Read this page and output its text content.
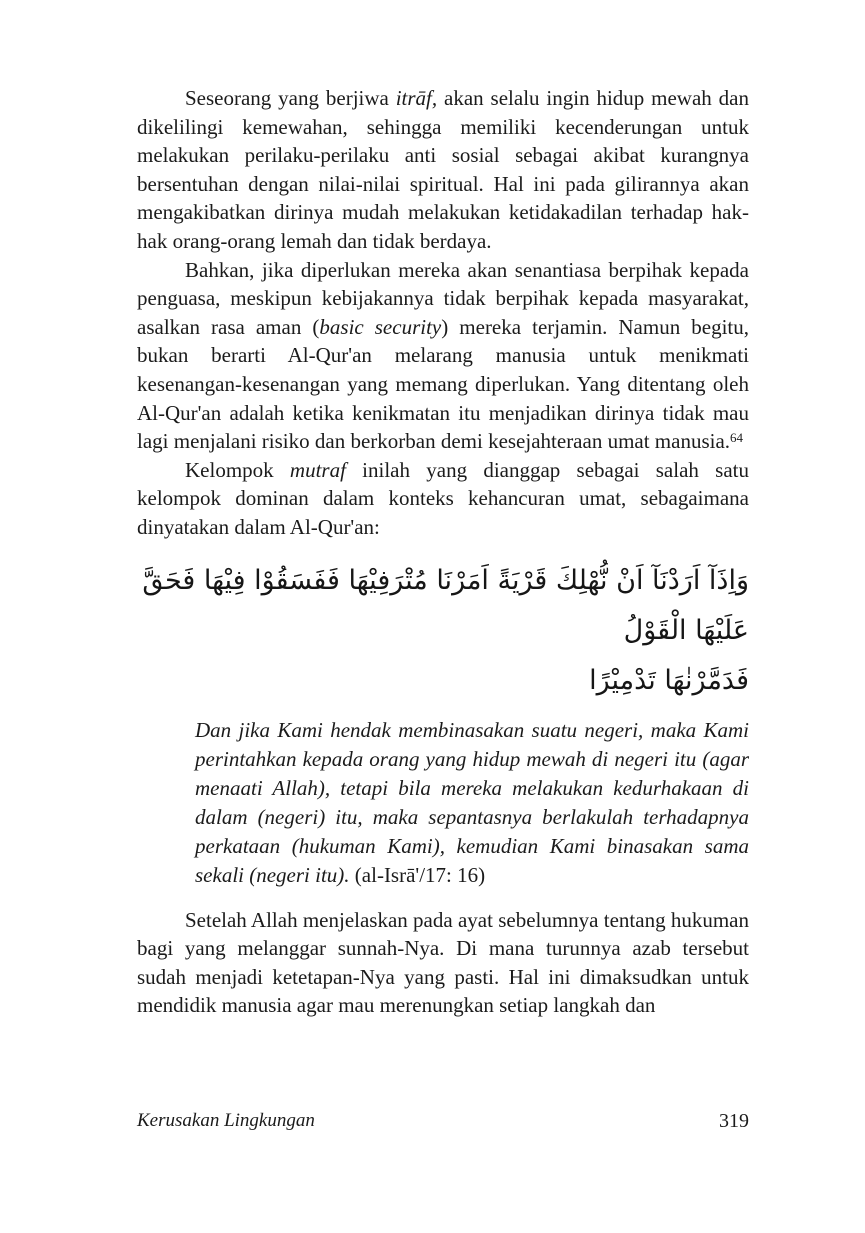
Seseorang yang berjiwa itrāf, akan selalu ingin hidup mewah dan dikelilingi kemewahan, sehingga memiliki kecenderungan untuk melakukan perilaku-perilaku anti sosial sebagai akibat kurangnya bersentuhan dengan nilai-nilai spiritual. Hal ini pada gilirannya akan mengakibatkan dirinya mudah melakukan ketidakadilan terhadap hak-hak orang-orang lemah dan tidak berdaya.

Bahkan, jika diperlukan mereka akan senantiasa berpihak kepada penguasa, meskipun kebijakannya tidak berpihak kepada masyarakat, asalkan rasa aman (basic security) mereka terjamin. Namun begitu, bukan berarti Al-Qur'an melarang manusia untuk menikmati kesenangan-kesenangan yang memang diperlukan. Yang ditentang oleh Al-Qur'an adalah ketika kenikmatan itu menjadikan dirinya tidak mau lagi menjalani risiko dan berkorban demi kesejahteraan umat manusia.$^{64}$

Kelompok mutraf inilah yang dianggap sebagai salah satu kelompok dominan dalam konteks kehancuran umat, sebagaimana dinyatakan dalam Al-Qur'an:

وَاِذَآ اَرَدْنَآ اَنْ نُّهْلِكَ قَرْيَةً اَمَرْنَا مُتْرَفِيْهَا فَفَسَقُوْا فِيْهَا فَحَقَّ عَلَيْهَا الْقَوْلُ
فَدَمَّرْنٰهَا تَدْمِيْرًا

Dan jika Kami hendak membinasakan suatu negeri, maka Kami perintahkan kepada orang yang hidup mewah di negeri itu (agar menaati Allah), tetapi bila mereka melakukan kedurhakaan di dalam (negeri) itu, maka sepantasnya berlakulah terhadapnya perkataan (hukuman Kami), kemudian Kami binasakan sama sekali (negeri itu). (al-Isrā'/17: 16)

Setelah Allah menjelaskan pada ayat sebelumnya tentang hukuman bagi yang melanggar sunnah-Nya. Di mana turunnya azab tersebut sudah menjadi ketetapan-Nya yang pasti. Hal ini dimaksudkan untuk mendidik manusia agar mau merenungkan setiap langkah dan

Kerusakan Lingkungan	319
